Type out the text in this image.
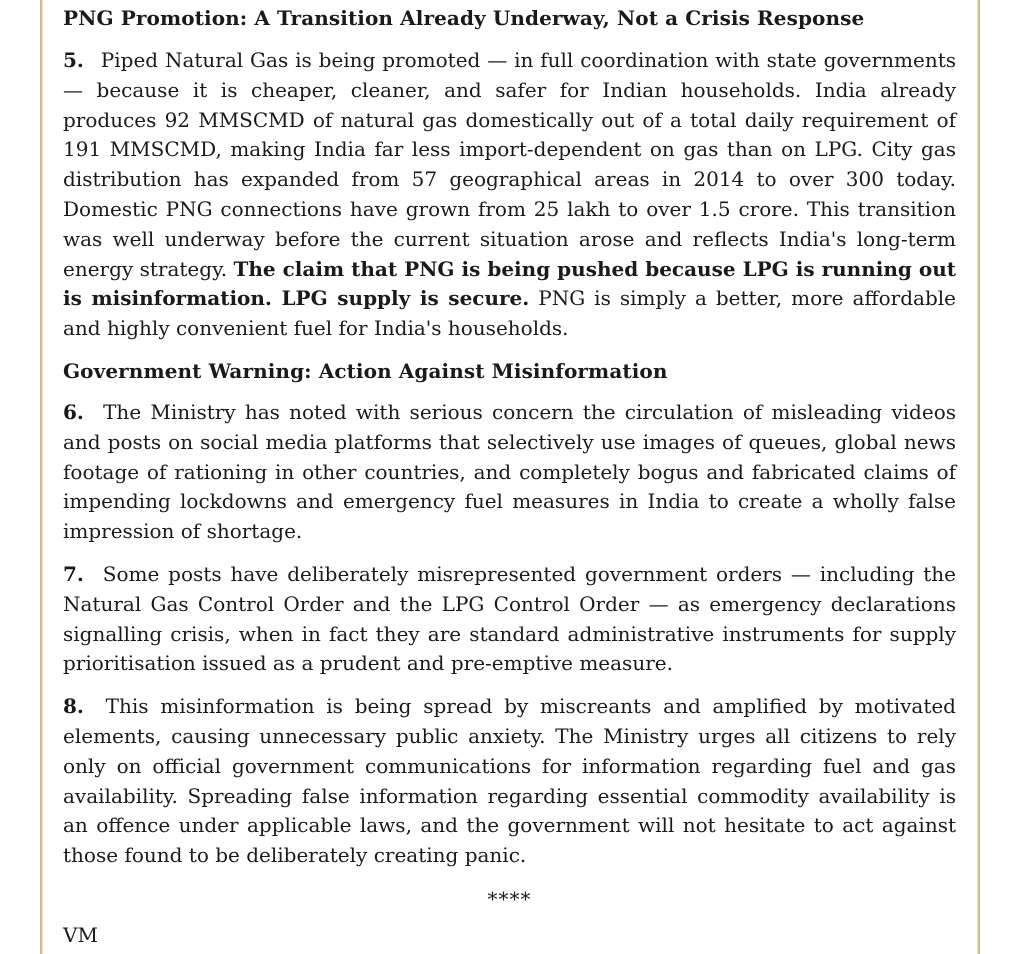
PNG Promotion: A Transition Already Underway, Not a Crisis Response

5. Piped Natural Gas is being promoted — in full coordination with state governments — because it is cheaper, cleaner, and safer for Indian households. India already produces 92 MMSCMD of natural gas domestically out of a total daily requirement of 191 MMSCMD, making India far less import-dependent on gas than on LPG. City gas distribution has expanded from 57 geographical areas in 2014 to over 300 today. Domestic PNG connections have grown from 25 lakh to over 1.5 crore. This transition was well underway before the current situation arose and reflects India's long-term energy strategy. The claim that PNG is being pushed because LPG is running out is misinformation. LPG supply is secure. PNG is simply a better, more affordable and highly convenient fuel for India's households.

Government Warning: Action Against Misinformation

6. The Ministry has noted with serious concern the circulation of misleading videos and posts on social media platforms that selectively use images of queues, global news footage of rationing in other countries, and completely bogus and fabricated claims of impending lockdowns and emergency fuel measures in India to create a wholly false impression of shortage.

7. Some posts have deliberately misrepresented government orders — including the Natural Gas Control Order and the LPG Control Order — as emergency declarations signalling crisis, when in fact they are standard administrative instruments for supply prioritisation issued as a prudent and pre-emptive measure.

8. This misinformation is being spread by miscreants and amplified by motivated elements, causing unnecessary public anxiety. The Ministry urges all citizens to rely only on official government communications for information regarding fuel and gas availability. Spreading false information regarding essential commodity availability is an offence under applicable laws, and the government will not hesitate to act against those found to be deliberately creating panic.

****
VM
